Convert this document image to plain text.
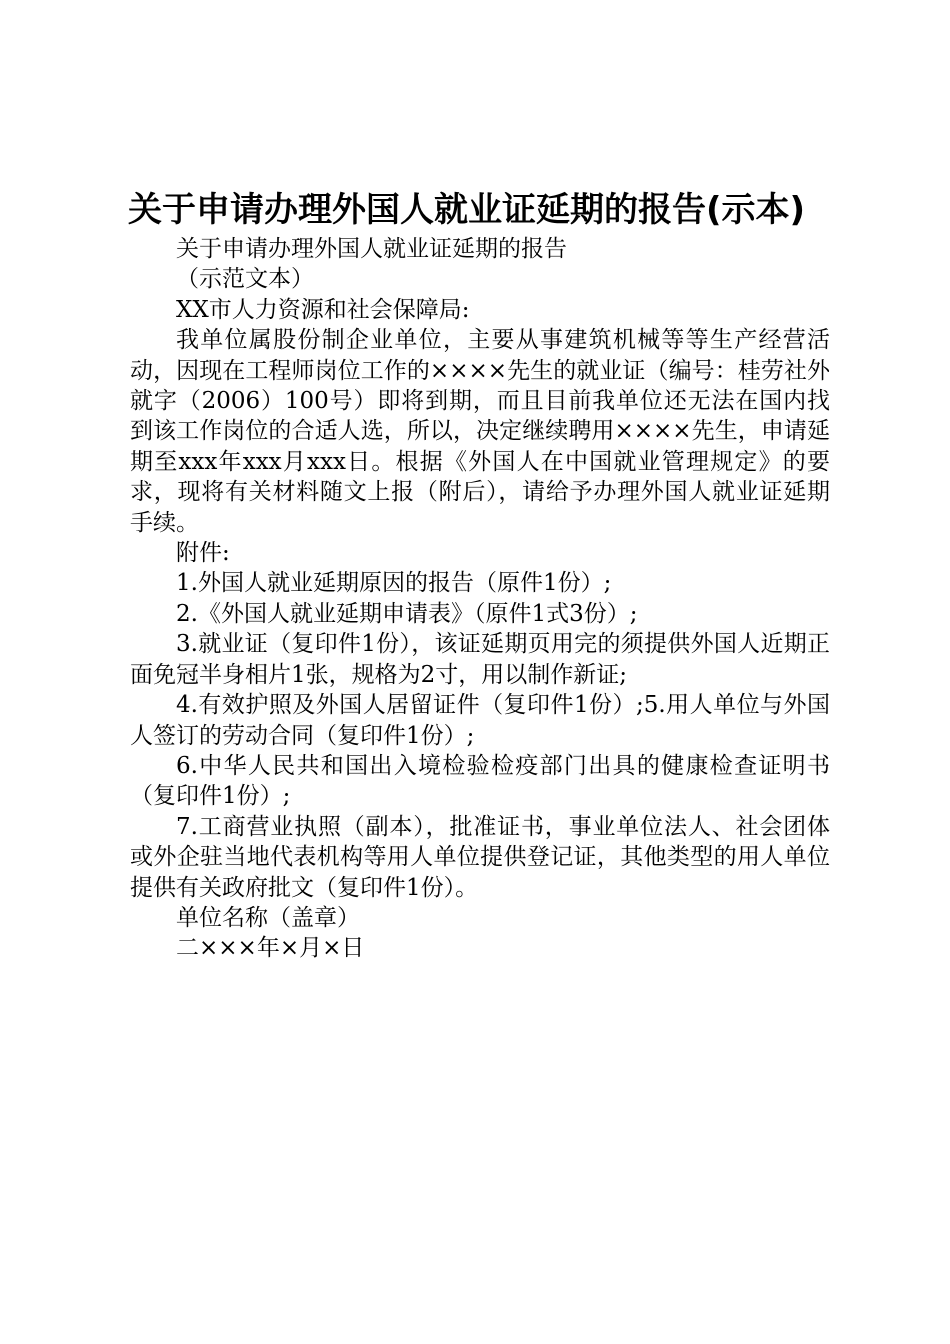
关于申请办理外国人就业证延期的报告(示本)

关于申请办理外国人就业证延期的报告

（示范文本）

XX市人力资源和社会保障局:

我单位属股份制企业单位，主要从事建筑机械等等生产经营活动，因现在工程师岗位工作的××××先生的就业证（编号：桂劳社外就字（2006）100号）即将到期，而且目前我单位还无法在国内找到该工作岗位的合适人选，所以，决定继续聘用××××先生，申请延期至xxx年xxx月xxx日。根据《外国人在中国就业管理规定》的要求，现将有关材料随文上报（附后），请给予办理外国人就业证延期手续。

附件:

1.外国人就业延期原因的报告（原件1份）;

2.《外国人就业延期申请表》（原件1式3份）;

3.就业证（复印件1份），该证延期页用完的须提供外国人近期正面免冠半身相片1张，规格为2寸，用以制作新证;

4.有效护照及外国人居留证件（复印件1份）;5.用人单位与外国人签订的劳动合同（复印件1份）;

6.中华人民共和国出入境检验检疫部门出具的健康检查证明书（复印件1份）;

7.工商营业执照（副本），批准证书，事业单位法人、社会团体或外企驻当地代表机构等用人单位提供登记证，其他类型的用人单位提供有关政府批文（复印件1份）。

单位名称（盖章）

二×××年×月×日
